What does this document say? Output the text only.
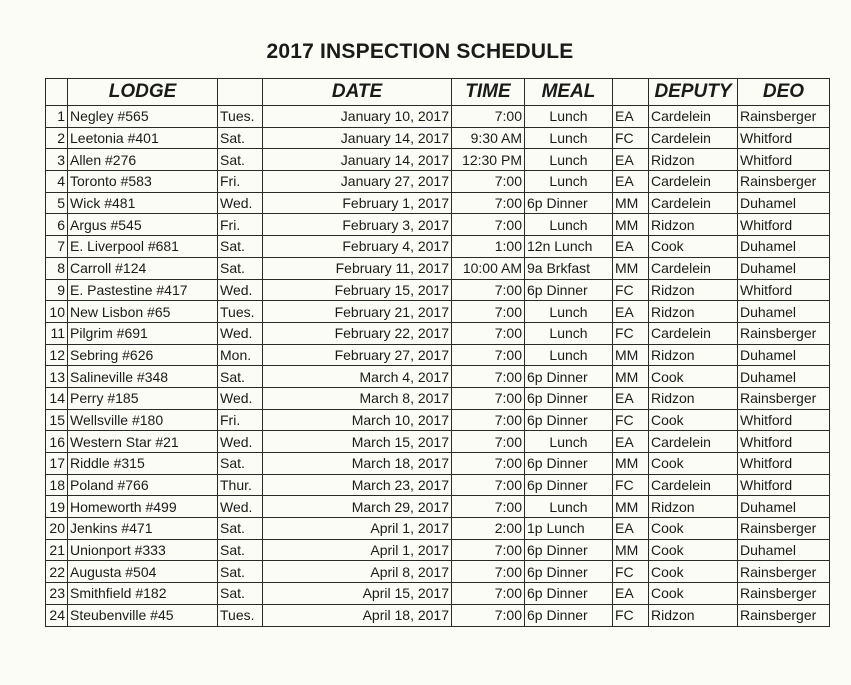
2017 INSPECTION SCHEDULE
	LODGE		DATE	TIME	MEAL		DEPUTY	DEO
1	Negley #565	Tues.	January 10, 2017	7:00	Lunch	EA	Cardelein	Rainsberger
2	Leetonia #401	Sat.	January 14, 2017	9:30 AM	Lunch	FC	Cardelein	Whitford
3	Allen #276	Sat.	January 14, 2017	12:30 PM	Lunch	EA	Ridzon	Whitford
4	Toronto #583	Fri.	January 27, 2017	7:00	Lunch	EA	Cardelein	Rainsberger
5	Wick #481	Wed.	February 1, 2017	7:00	6p Dinner	MM	Cardelein	Duhamel
6	Argus #545	Fri.	February 3, 2017	7:00	Lunch	MM	Ridzon	Whitford
7	E. Liverpool #681	Sat.	February 4, 2017	1:00	12n Lunch	EA	Cook	Duhamel
8	Carroll #124	Sat.	February 11, 2017	10:00 AM	9a Brkfast	MM	Cardelein	Duhamel
9	E. Pastestine #417	Wed.	February 15, 2017	7:00	6p Dinner	FC	Ridzon	Whitford
10	New Lisbon #65	Tues.	February 21, 2017	7:00	Lunch	EA	Ridzon	Duhamel
11	Pilgrim #691	Wed.	February 22, 2017	7:00	Lunch	FC	Cardelein	Rainsberger
12	Sebring #626	Mon.	February 27, 2017	7:00	Lunch	MM	Ridzon	Duhamel
13	Salineville #348	Sat.	March 4, 2017	7:00	6p Dinner	MM	Cook	Duhamel
14	Perry #185	Wed.	March 8, 2017	7:00	6p Dinner	EA	Ridzon	Rainsberger
15	Wellsville #180	Fri.	March 10, 2017	7:00	6p Dinner	FC	Cook	Whitford
16	Western Star #21	Wed.	March 15, 2017	7:00	Lunch	EA	Cardelein	Whitford
17	Riddle #315	Sat.	March 18, 2017	7:00	6p Dinner	MM	Cook	Whitford
18	Poland #766	Thur.	March 23, 2017	7:00	6p Dinner	FC	Cardelein	Whitford
19	Homeworth #499	Wed.	March 29, 2017	7:00	Lunch	MM	Ridzon	Duhamel
20	Jenkins #471	Sat.	April 1, 2017	2:00	1p Lunch	EA	Cook	Rainsberger
21	Unionport #333	Sat.	April 1, 2017	7:00	6p Dinner	MM	Cook	Duhamel
22	Augusta #504	Sat.	April 8, 2017	7:00	6p Dinner	FC	Cook	Rainsberger
23	Smithfield #182	Sat.	April 15, 2017	7:00	6p Dinner	EA	Cook	Rainsberger
24	Steubenville #45	Tues.	April 18, 2017	7:00	6p Dinner	FC	Ridzon	Rainsberger
